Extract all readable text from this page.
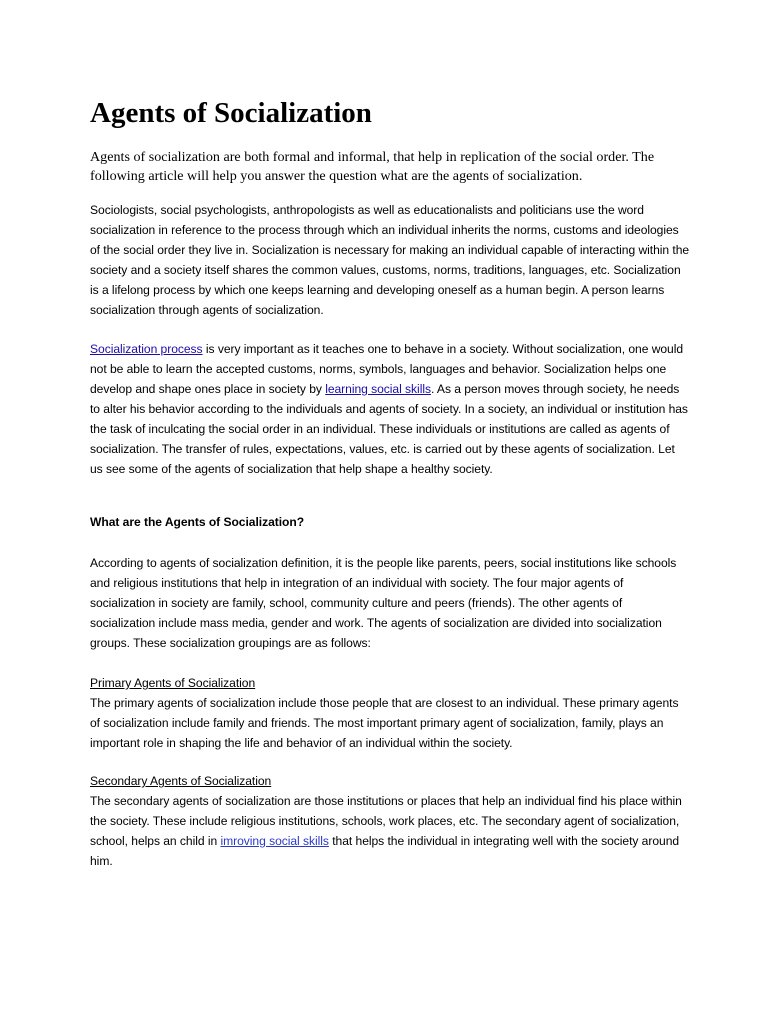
Agents of Socialization

Agents of socialization are both formal and informal, that help in replication of the social order. The following article will help you answer the question what are the agents of socialization.

Sociologists, social psychologists, anthropologists as well as educationalists and politicians use the word socialization in reference to the process through which an individual inherits the norms, customs and ideologies of the social order they live in. Socialization is necessary for making an individual capable of interacting within the society and a society itself shares the common values, customs, norms, traditions, languages, etc. Socialization is a lifelong process by which one keeps learning and developing oneself as a human begin. A person learns socialization through agents of socialization.

Socialization process is very important as it teaches one to behave in a society. Without socialization, one would not be able to learn the accepted customs, norms, symbols, languages and behavior. Socialization helps one develop and shape ones place in society by learning social skills. As a person moves through society, he needs to alter his behavior according to the individuals and agents of society. In a society, an individual or institution has the task of inculcating the social order in an individual. These individuals or institutions are called as agents of socialization. The transfer of rules, expectations, values, etc. is carried out by these agents of socialization. Let us see some of the agents of socialization that help shape a healthy society.

What are the Agents of Socialization?

According to agents of socialization definition, it is the people like parents, peers, social institutions like schools and religious institutions that help in integration of an individual with society. The four major agents of socialization in society are family, school, community culture and peers (friends). The other agents of socialization include mass media, gender and work. The agents of socialization are divided into socialization groups. These socialization groupings are as follows:

Primary Agents of Socialization
The primary agents of socialization include those people that are closest to an individual. These primary agents of socialization include family and friends. The most important primary agent of socialization, family, plays an important role in shaping the life and behavior of an individual within the society.
Secondary Agents of Socialization
The secondary agents of socialization are those institutions or places that help an individual find his place within the society. These include religious institutions, schools, work places, etc. The secondary agent of socialization, school, helps an child in imroving social skills that helps the individual in integrating well with the society around him.
